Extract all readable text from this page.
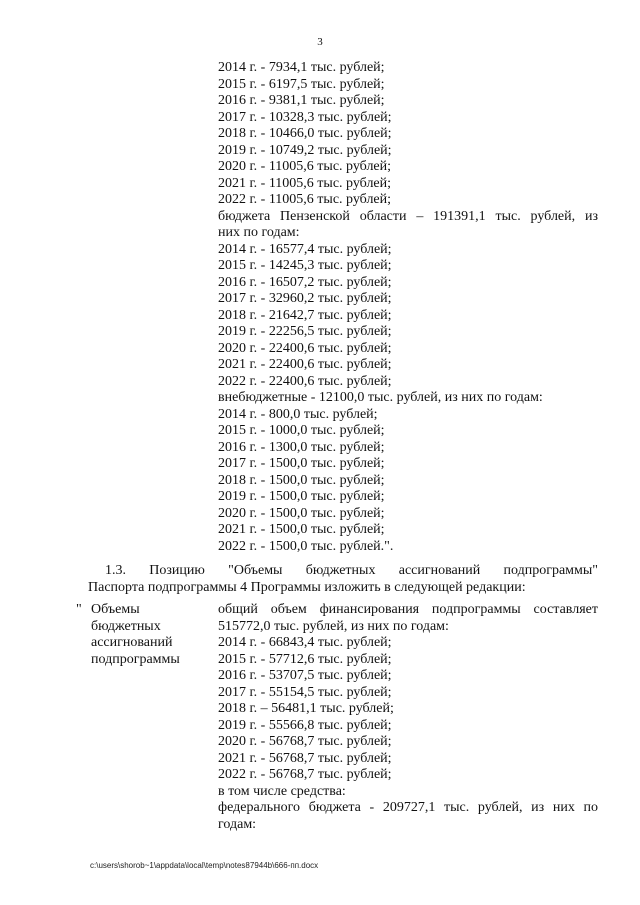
3
2014 г. - 7934,1 тыс. рублей;
2015 г. - 6197,5 тыс. рублей;
2016 г. - 9381,1 тыс. рублей;
2017 г. - 10328,3 тыс. рублей;
2018 г. - 10466,0 тыс. рублей;
2019 г. - 10749,2 тыс. рублей;
2020 г. - 11005,6 тыс. рублей;
2021 г. - 11005,6 тыс. рублей;
2022 г. - 11005,6 тыс. рублей;
бюджета Пензенской области – 191391,1 тыс. рублей, из
них по годам:
2014 г. - 16577,4 тыс. рублей;
2015 г. - 14245,3 тыс. рублей;
2016 г. - 16507,2 тыс. рублей;
2017 г. - 32960,2 тыс. рублей;
2018 г. - 21642,7 тыс. рублей;
2019 г. - 22256,5 тыс. рублей;
2020 г. - 22400,6 тыс. рублей;
2021 г. - 22400,6 тыс. рублей;
2022 г. - 22400,6 тыс. рублей;
внебюджетные - 12100,0 тыс. рублей, из них по годам:
2014 г. - 800,0 тыс. рублей;
2015 г. - 1000,0 тыс. рублей;
2016 г. - 1300,0 тыс. рублей;
2017 г. - 1500,0 тыс. рублей;
2018 г. - 1500,0 тыс. рублей;
2019 г. - 1500,0 тыс. рублей;
2020 г. - 1500,0 тыс. рублей;
2021 г. - 1500,0 тыс. рублей;
2022 г. - 1500,0 тыс. рублей.".
1.3. Позицию "Объемы бюджетных ассигнований подпрограммы"
Паспорта подпрограммы 4 Программы изложить в следующей редакции:
" Объемы
бюджетных
ассигнований
подпрограммы
общий объем финансирования подпрограммы составляет
515772,0 тыс. рублей, из них по годам:
2014 г. - 66843,4 тыс. рублей;
2015 г. - 57712,6 тыс. рублей;
2016 г. - 53707,5 тыс. рублей;
2017 г. - 55154,5 тыс. рублей;
2018 г. – 56481,1 тыс. рублей;
2019 г. - 55566,8 тыс. рублей;
2020 г. - 56768,7 тыс. рублей;
2021 г. - 56768,7 тыс. рублей;
2022 г. - 56768,7 тыс. рублей;
в том числе средства:
федерального бюджета - 209727,1 тыс. рублей, из них по
годам:
c:\users\shorob~1\appdata\local\temp\notes87944b\666-пп.docx
